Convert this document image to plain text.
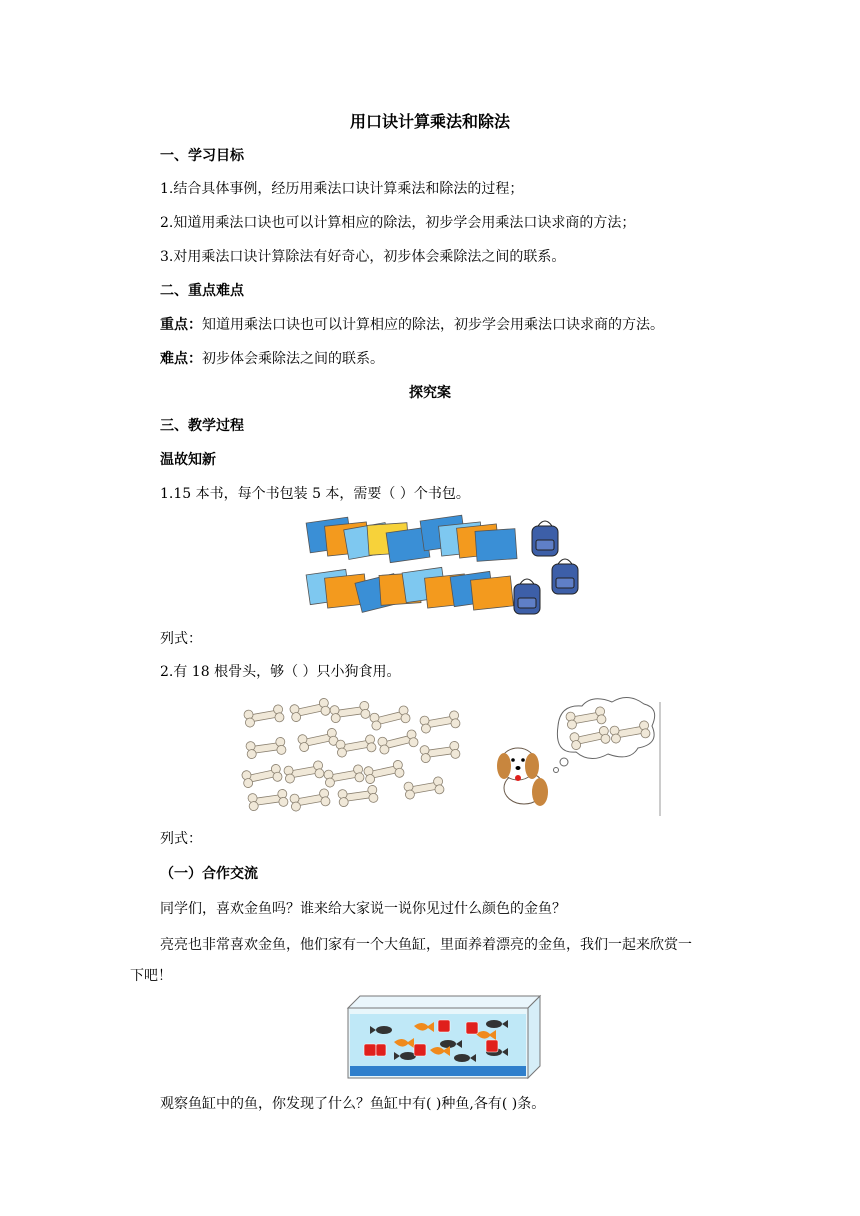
用口诀计算乘法和除法
一、学习目标
1.结合具体事例，经历用乘法口诀计算乘法和除法的过程；
2.知道用乘法口诀也可以计算相应的除法，初步学会用乘法口诀求商的方法；
3.对用乘法口诀计算除法有好奇心，初步体会乘除法之间的联系。
二、重点难点
重点：知道用乘法口诀也可以计算相应的除法，初步学会用乘法口诀求商的方法。
难点：初步体会乘除法之间的联系。
探究案
三、教学过程
温故知新
1.15 本书，每个书包装 5 本，需要（ ）个书包。
列式：
2.有 18 根骨头，够（ ）只小狗食用。
列式：
（一）合作交流
同学们，喜欢金鱼吗？谁来给大家说一说你见过什么颜色的金鱼？
亮亮也非常喜欢金鱼，他们家有一个大鱼缸，里面养着漂亮的金鱼，我们一起来欣赏一
下吧！
观察鱼缸中的鱼，你发现了什么？鱼缸中有( )种鱼,各有( )条。
